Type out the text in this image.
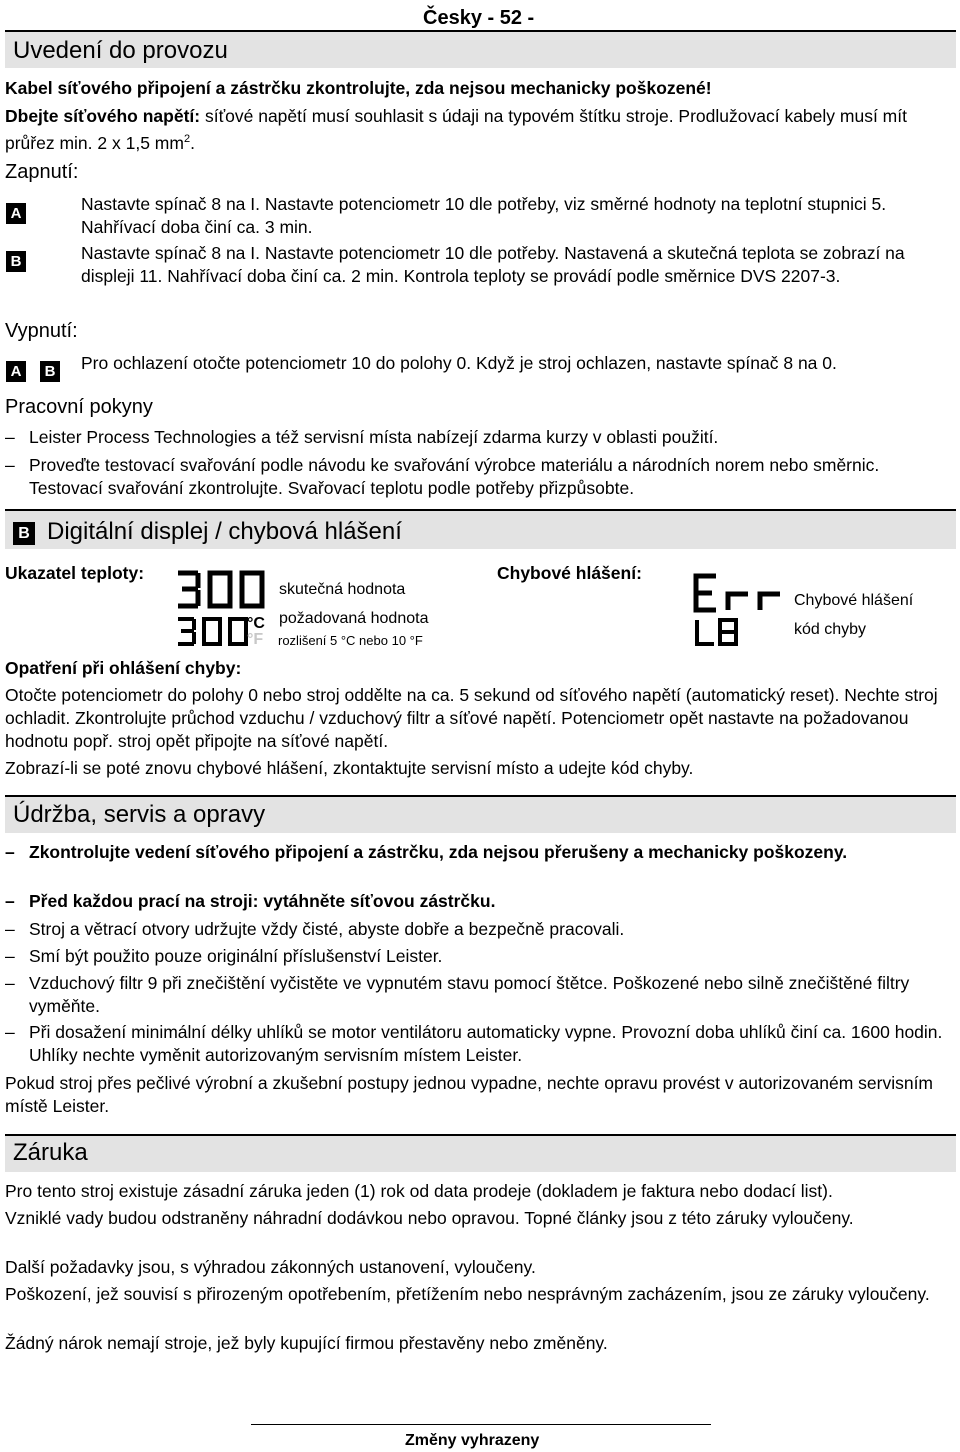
Česky - 52 -
Uvedení do provozu
Kabel síťového připojení a zástrčku zkontrolujte, zda nejsou mechanicky poškozené!
Dbejte síťového napětí: síťové napětí musí souhlasit s údaji na typovém štítku stroje. Prodlužovací kabely musí mít průřez min. 2 x 1,5 $mm^2$.
Zapnutí:
A	Nastavte spínač 8 na I. Nastavte potenciometr 10 dle potřeby, viz směrné hodnoty na teplotní stupnici 5. Nahřívací doba činí ca. 3 min.
B	Nastavte spínač 8 na I. Nastavte potenciometr 10 dle potřeby. Nastavená a skutečná teplota se zobrazí na displeji 11. Nahřívací doba činí ca. 2 min. Kontrola teploty se provádí podle směrnice DVS 2207-3.
Vypnutí:
A	B Pro ochlazení otočte potenciometr 10 do polohy 0. Když je stroj ochlazen, nastavte spínač 8 na 0.
Pracovní pokyny
– Leister Process Technologies a též servisní místa nabízejí zdarma kurzy v oblasti použití.
– Proveďte testovací svařování podle návodu ke svařování výrobce materiálu a národních norem nebo směrnic. Testovací svařování zkontrolujte. Svařovací teplotu podle potřeby přizpůsobte.
B Digitální displej / chybová hlášení
Ukazatel teploty:	Chybové hlášení:
°C
°F
skutečná hodnota
požadovaná hodnota
rozlišení 5 °C nebo 10 °F
Chybové hlášení
kód chyby
Opatření při ohlášení chyby:
Otočte potenciometr do polohy 0 nebo stroj oddělte na ca. 5 sekund od síťového napětí (automatický reset). Nechte stroj ochladit. Zkontrolujte průchod vzduchu / vzduchový filtr a síťové napětí. Potenciometr opět nastavte na požadovanou hodnotu popř. stroj opět připojte na síťové napětí.
Zobrazí-li se poté znovu chybové hlášení, zkontaktujte servisní místo a udejte kód chyby.
Údržba, servis a opravy
– Zkontrolujte vedení síťového připojení a zástrčku, zda nejsou přerušeny a mechanicky poškozeny.
– Před každou prací na stroji: vytáhněte síťovou zástrčku.
– Stroj a větrací otvory udržujte vždy čisté, abyste dobře a bezpečně pracovali.
– Smí být použito pouze originální příslušenství Leister.
– Vzduchový filtr 9 při znečištění vyčistěte ve vypnutém stavu pomocí štětce. Poškozené nebo silně znečištěné filtry vyměňte.
– Při dosažení minimální délky uhlíků se motor ventilátoru automaticky vypne. Provozní doba uhlíků činí ca. 1600 hodin. Uhlíky nechte vyměnit autorizovaným servisním místem Leister.
Pokud stroj přes pečlivé výrobní a zkušební postupy jednou vypadne, nechte opravu provést v autorizovaném servisním místě Leister.
Záruka
Pro tento stroj existuje zásadní záruka jeden (1) rok od data prodeje (dokladem je faktura nebo dodací list).
Vzniklé vady budou odstraněny náhradní dodávkou nebo opravou. Topné články jsou z této záruky vyloučeny.
Další požadavky jsou, s výhradou zákonných ustanovení, vyloučeny.
Poškození, jež souvisí s přirozeným opotřebením, přetížením nebo nesprávným zacházením, jsou ze záruky vyloučeny.
Žádný nárok nemají stroje, jež byly kupující firmou přestavěny nebo změněny.
Změny vyhrazeny
